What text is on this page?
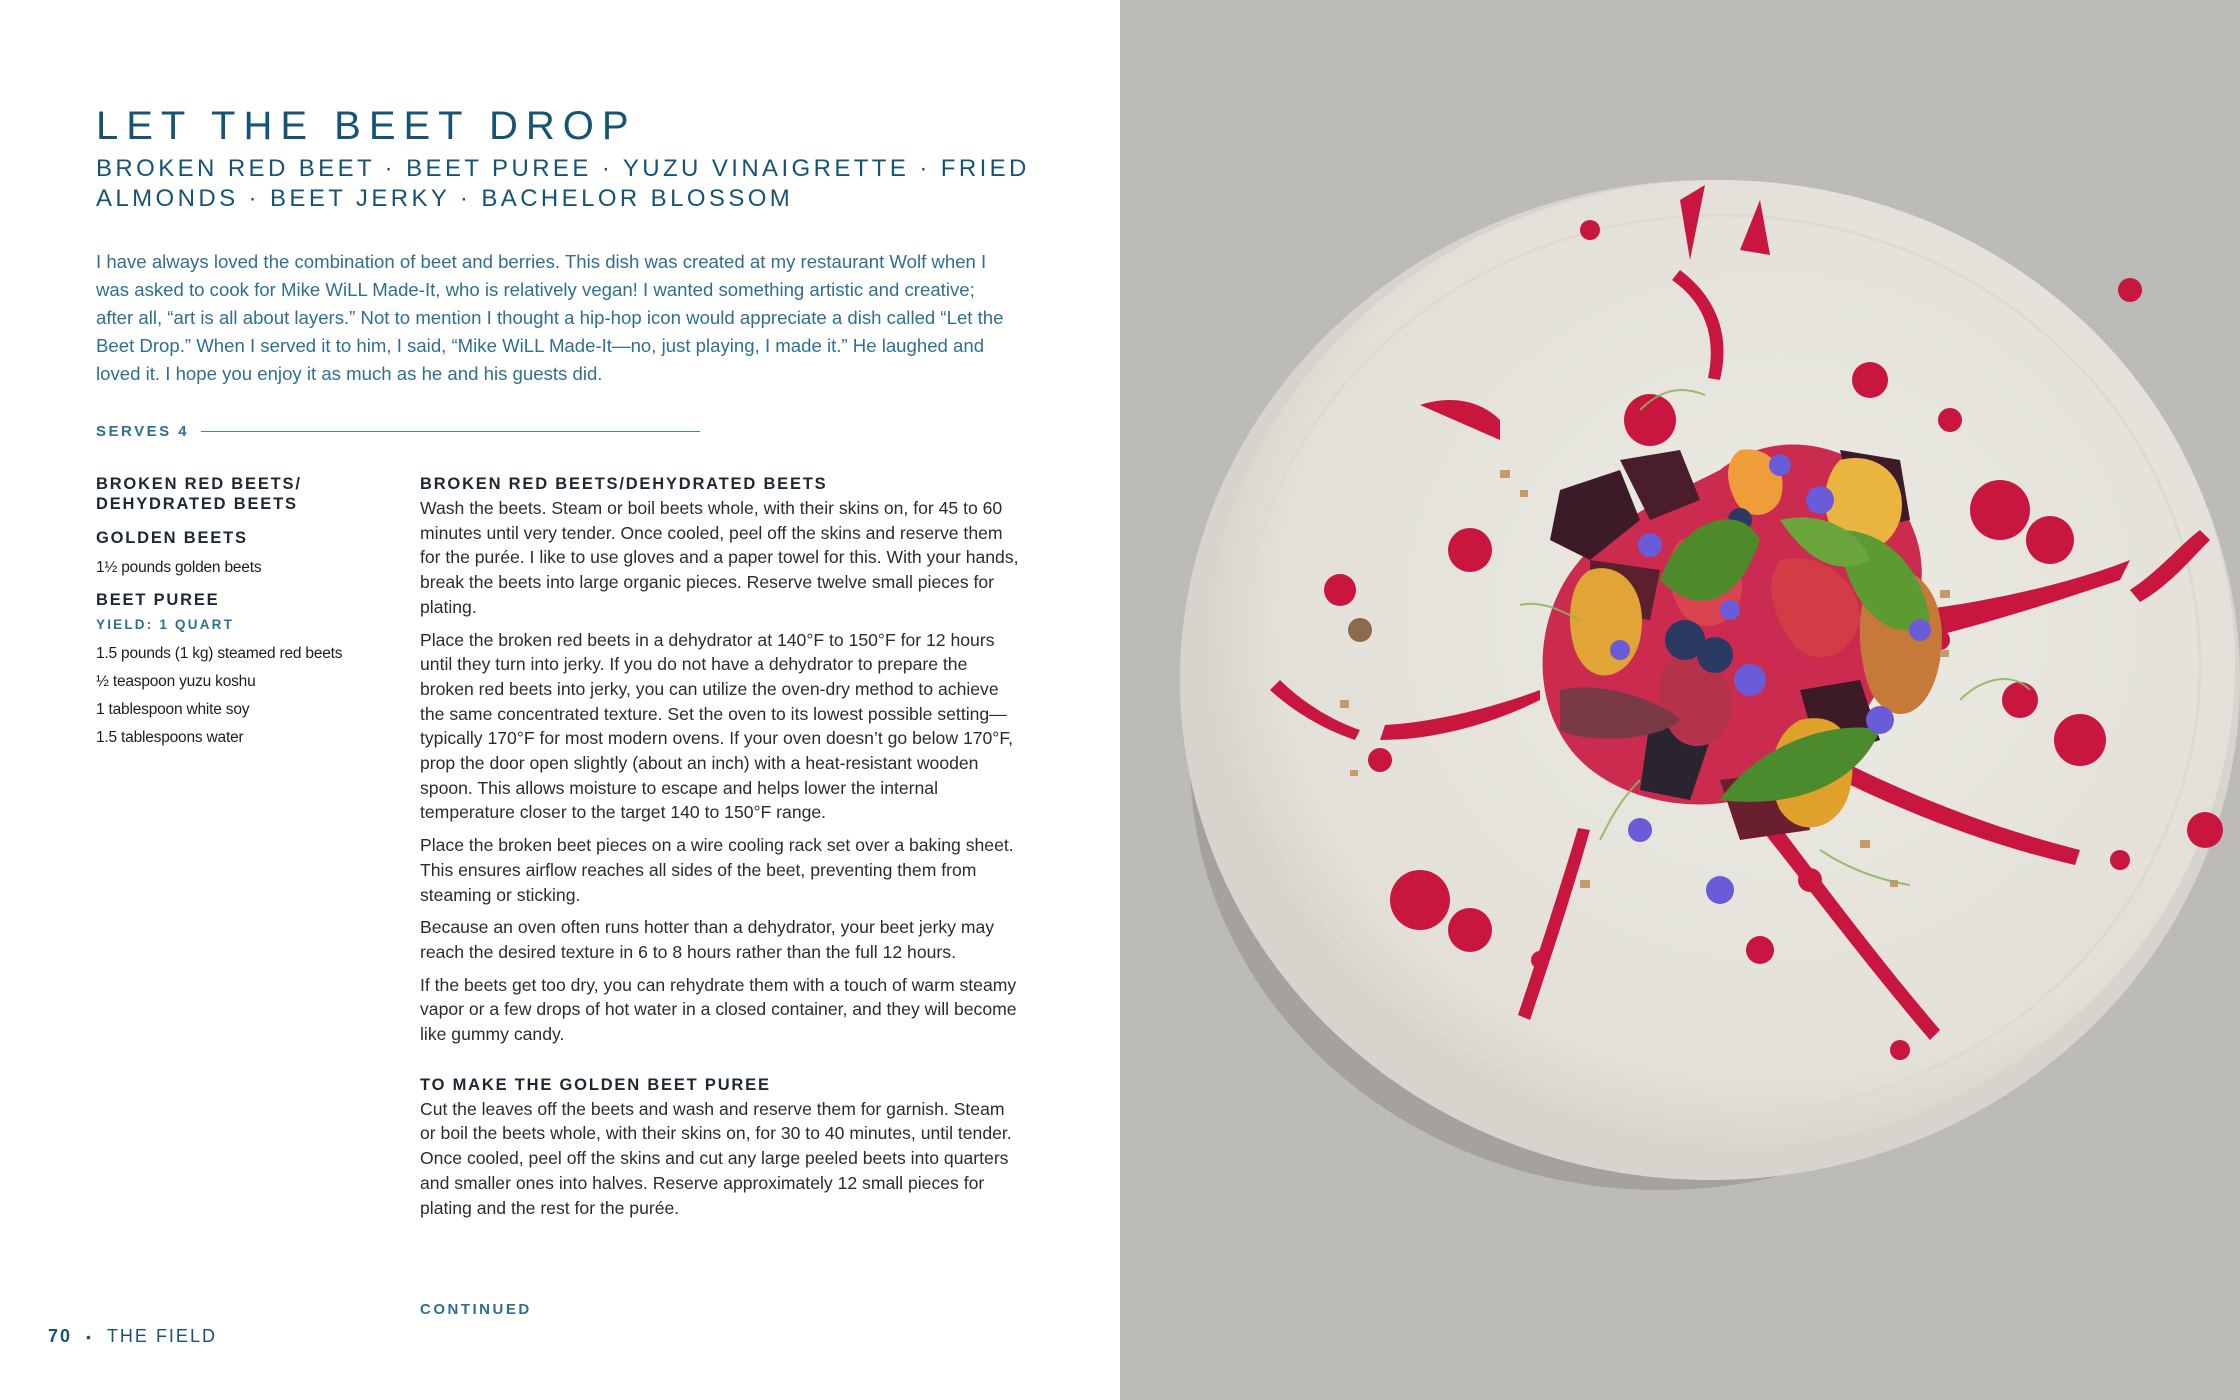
LET THE BEET DROP
BROKEN RED BEET · BEET PUREE · YUZU VINAIGRETTE · FRIED ALMONDS · BEET JERKY · BACHELOR BLOSSOM

I have always loved the combination of beet and berries. This dish was created at my restaurant Wolf when I was asked to cook for Mike WiLL Made-It, who is relatively vegan! I wanted something artistic and creative; after all, “art is all about layers.” Not to mention I thought a hip-hop icon would appreciate a dish called “Let the Beet Drop.” When I served it to him, I said, “Mike WiLL Made-It—no, just playing, I made it.” He laughed and loved it. I hope you enjoy it as much as he and his guests did.

SERVES 4
BROKEN RED BEETS/ DEHYDRATED BEETS
GOLDEN BEETS
1½ pounds golden beets
BEET PUREE
YIELD: 1 QUART
1.5 pounds (1 kg) steamed red beets
½ teaspoon yuzu koshu
1 tablespoon white soy
1.5 tablespoons water
BROKEN RED BEETS/DEHYDRATED BEETS

Wash the beets. Steam or boil beets whole, with their skins on, for 45 to 60 minutes until very tender. Once cooled, peel off the skins and reserve them for the purée. I like to use gloves and a paper towel for this. With your hands, break the beets into large organic pieces. Reserve twelve small pieces for plating.

Place the broken red beets in a dehydrator at 140°F to 150°F for 12 hours until they turn into jerky. If you do not have a dehydrator to prepare the broken red beets into jerky, you can utilize the oven-dry method to achieve the same concentrated texture. Set the oven to its lowest possible setting—typically 170°F for most modern ovens. If your oven doesn’t go below 170°F, prop the door open slightly (about an inch) with a heat-resistant wooden spoon. This allows moisture to escape and helps lower the internal temperature closer to the target 140 to 150°F range.

Place the broken beet pieces on a wire cooling rack set over a baking sheet. This ensures airflow reaches all sides of the beet, preventing them from steaming or sticking.

Because an oven often runs hotter than a dehydrator, your beet jerky may reach the desired texture in 6 to 8 hours rather than the full 12 hours.

If the beets get too dry, you can rehydrate them with a touch of warm steamy vapor or a few drops of hot water in a closed container, and they will become like gummy candy.

TO MAKE THE GOLDEN BEET PUREE

Cut the leaves off the beets and wash and reserve them for garnish. Steam or boil the beets whole, with their skins on, for 30 to 40 minutes, until tender. Once cooled, peel off the skins and cut any large peeled beets into quarters and smaller ones into halves. Reserve approximately 12 small pieces for plating and the rest for the purée.

CONTINUED
70 • THE FIELD
